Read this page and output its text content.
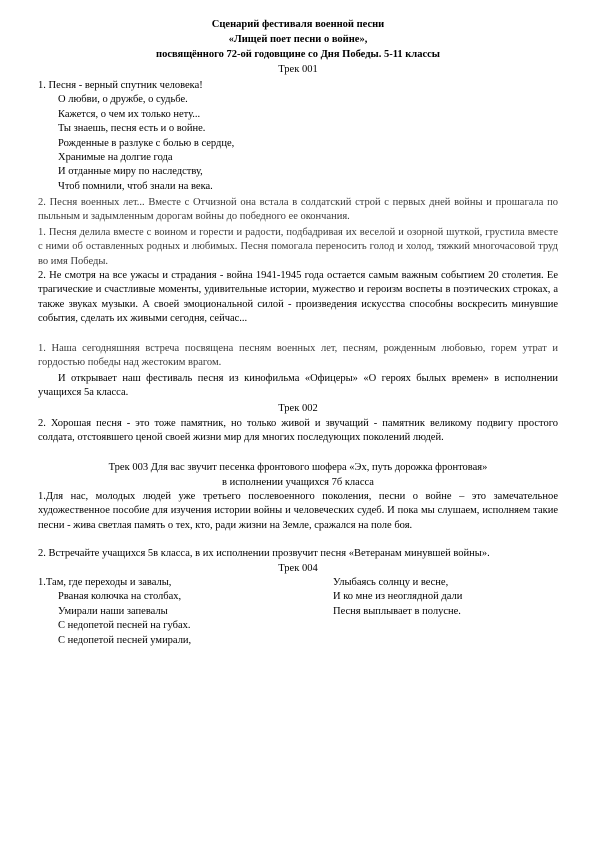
Сценарий фестиваля военной песни
«Лищей поет песни о войне»,
посвящённого 72-ой годовщине со Дня Победы. 5-11 классы
Трек 001
1. Песня - верный спутник человека!
О любви, о дружбе, о судьбе.
Кажется, о чем их только нету...
Ты знаешь, песня есть и о войне.
Рожденные в разлуке с болью в сердце,
Хранимые на долгие года
И отданные миру по наследству,
Чтоб помнили, чтоб знали на века.
2. Песня военных лет... Вместе с Отчизной она встала в солдатский строй с первых дней войны и прошагала по пыльным и задымленным дорогам войны до победного ее окончания.
1. Песня делила вместе с воином и горести и радости, подбадривая их веселой и озорной шуткой, грустила вместе с ними об оставленных родных и любимых. Песня помогала переносить голод и холод, тяжкий многочасовой труд во имя Победы.
2. Не смотря на все ужасы и страдания - война 1941-1945 года остается самым важным событием 20 столетия. Ее трагические и счастливые моменты, удивительные истории, мужество и героизм воспеты в поэтических строках, а также звуках музыки. А своей эмоциональной силой - произведения искусства способны воскресить минувшие события, сделать их живыми сегодня, сейчас...
1. Наша сегодняшняя встреча посвящена песням военных лет, песням, рожденным любовью, горем утрат и гордостью победы над жестоким врагом.
И открывает наш фестиваль песня из кинофильма «Офицеры» «О героях былых времен» в исполнении учащихся 5а класса.
Трек 002
2. Хорошая песня - это тоже памятник, но только живой и звучащий - памятник великому подвигу простого солдата, отстоявшего ценой своей жизни мир для многих последующих поколений людей.
Трек 003 Для вас звучит песенка фронтового шофера «Эх, путь дорожка фронтовая»
в исполнении учащихся 7б класса
1.Для нас, молодых людей уже третьего послевоенного поколения, песни о войне – это замечательное художественное пособие для изучения истории войны и человеческих судеб. И пока мы слушаем, исполняем такие песни - жива светлая память о тех, кто, ради жизни на Земле, сражался на поле боя.
2. Встречайте учащихся 5в класса, в их исполнении прозвучит песня «Ветеранам минувшей войны».
Трек 004
1.Там, где переходы и завалы,
Рваная колючка на столбах,
Умирали наши запевалы
С недопетой песней на губах.
С недопетой песней умирали,
Улыбаясь солнцу и весне,
И ко мне из неоглядной дали
Песня выплывает в полусне.
